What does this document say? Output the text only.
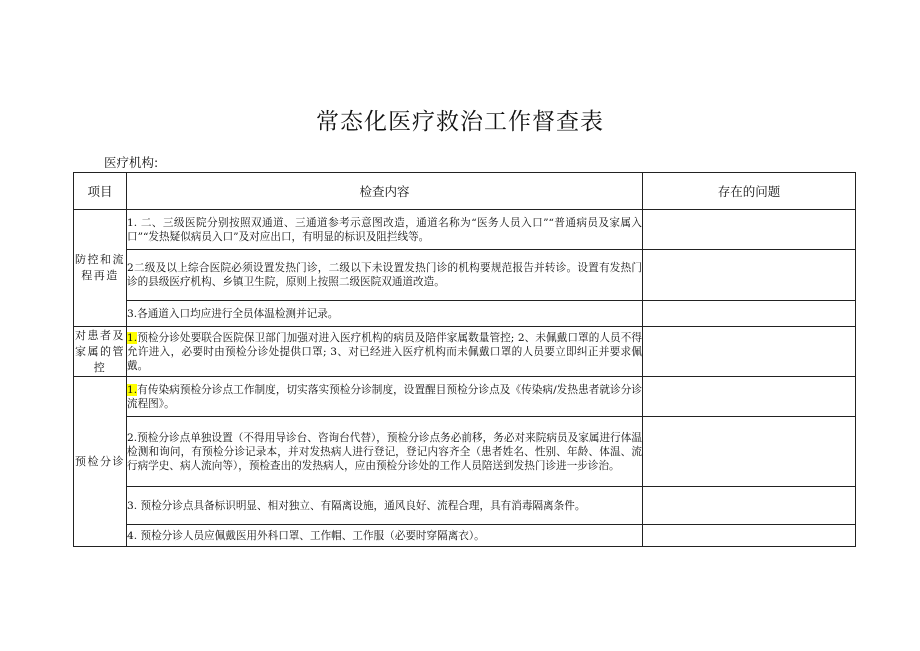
常态化医疗救治工作督查表
医疗机构:
项目	检查内容	存在的问题
防控和流程再造	1. 二、三级医院分别按照双通道、三通道参考示意图改造，通道名称为“医务人员入口”“普通病员及家属入口”“发热疑似病员入口”及对应出口，有明显的标识及阻拦线等。	
	2二级及以上综合医院必须设置发热门诊，二级以下未设置发热门诊的机构要规范报告并转诊。设置有发热门诊的县级医疗机构、乡镇卫生院，原则上按照二级医院双通道改造。	
	3.各通道入口均应进行全员体温检测并记录。	
对患者及家属的管控	1.预检分诊处要联合医院保卫部门加强对进入医疗机构的病员及陪伴家属数量管控; 2、未佩戴口罩的人员不得允许进入，必要时由预检分诊处提供口罩; 3、对已经进入医疗机构而未佩戴口罩的人员要立即纠正并要求佩戴。	
预检分诊	1.有传染病预检分诊点工作制度，切实落实预检分诊制度，设置醒目预检分诊点及《传染病/发热患者就诊分诊流程图》。	
	2.预检分诊点单独设置（不得用导诊台、咨询台代替），预检分诊点务必前移，务必对来院病员及家属进行体温检测和询问，有预检分诊记录本，并对发热病人进行登记，登记内容齐全（患者姓名、性别、年龄、体温、流行病学史、病人流向等），预检查出的发热病人，应由预检分诊处的工作人员陪送到发热门诊进一步诊治。	
	3. 预检分诊点具备标识明显、相对独立、有隔离设施，通风良好、流程合理，具有消毒隔离条件。	
	4. 预检分诊人员应佩戴医用外科口罩、工作帽、工作服（必要时穿隔离衣）。	
